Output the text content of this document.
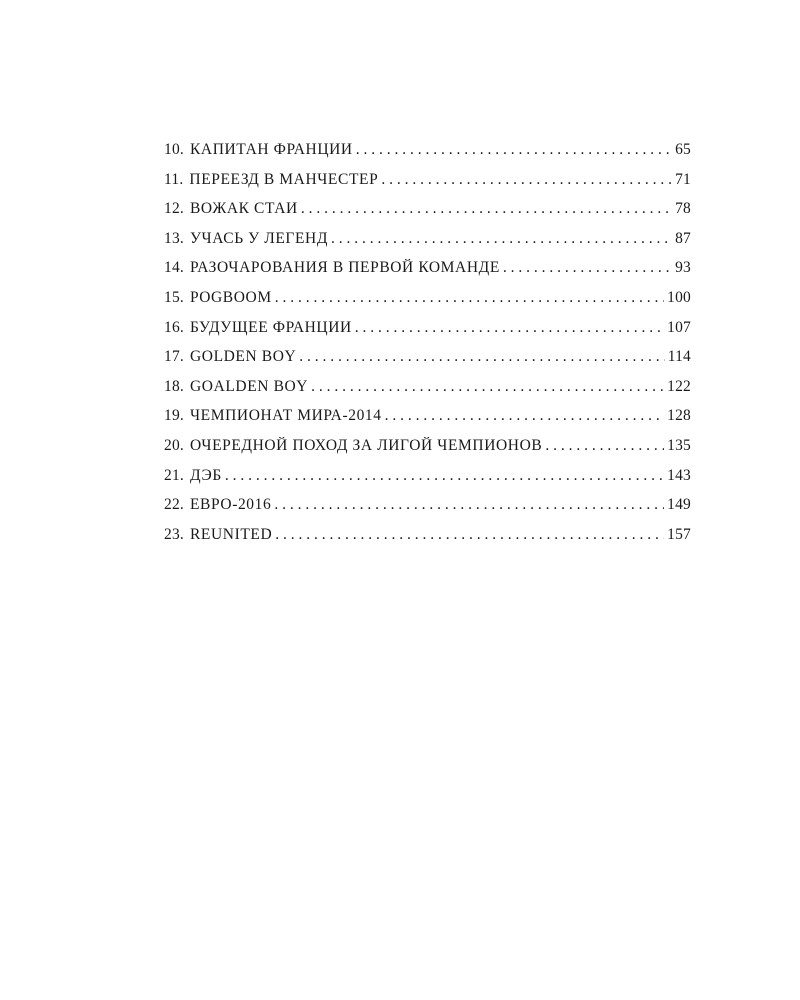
10. КАПИТАН ФРАНЦИИ . . .	65
11. ПЕРЕЕЗД В МАНЧЕСТЕР . . .	71
12. ВОЖАК СТАИ . . .	78
13. УЧАСЬ У ЛЕГЕНД . . .	87
14. РАЗОЧАРОВАНИЯ В ПЕРВОЙ КОМАНДЕ . . .	93
15. POGBOOM . . .	100
16. БУДУЩЕЕ ФРАНЦИИ . . .	107
17. GOLDEN BOY . . .	114
18. GOALDEN BOY . . .	122
19. ЧЕМПИОНАТ МИРА-2014 . . .	128
20. ОЧЕРЕДНОЙ ПОХОД ЗА ЛИГОЙ ЧЕМПИОНОВ . . .	135
21. ДЭБ . . .	143
22. ЕВРО-2016 . . .	149
23. REUNITED . . .	157
